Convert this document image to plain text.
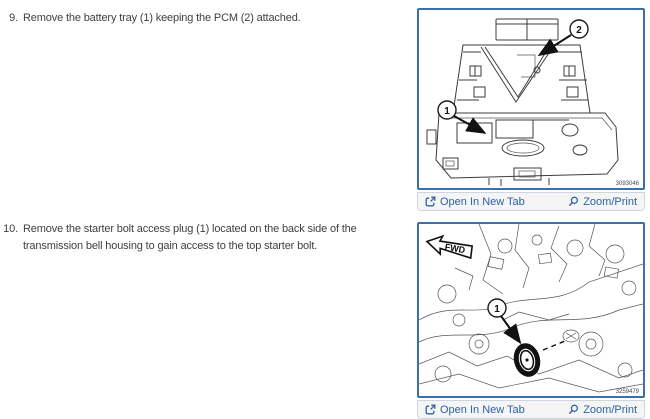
9. Remove the battery tray (1) keeping the PCM (2) attached.
10. Remove the starter bolt access plug (1) located on the back side of the transmission bell housing to gain access to the top starter bolt.
2
1
3093046
Open In New Tab	Zoom/Print
FWD
1
3259479
Open In New Tab	Zoom/Print
